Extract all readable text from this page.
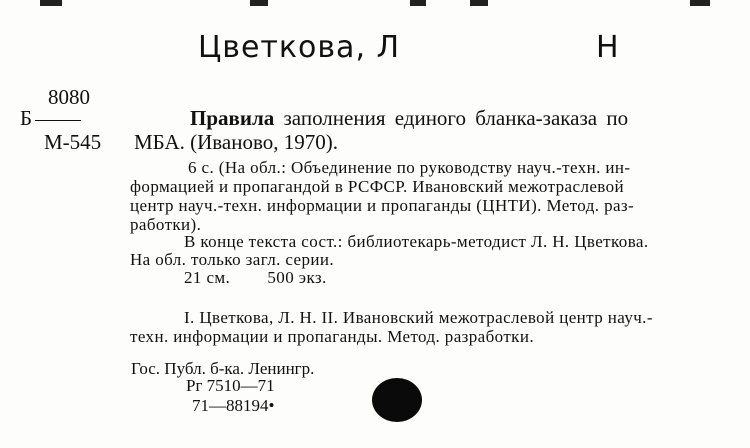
Цветкова, Л	Н
8080
Б
М-545
Правила заполнения единого бланка-заказа по
МБА. (Иваново, 1970).
6 с. (На обл.: Объединение по руководству науч.-техн. ин-
формацией и пропагандой в РСФСР. Ивановский межотраслевой
центр науч.-техн. информации и пропаганды (ЦНТИ). Метод. раз-
работки).
В конце текста сост.: библиотекарь-методист Л. Н. Цветкова.
На обл. только загл. серии.
21 см.        500 экз.
I. Цветкова, Л. Н. II. Ивановский межотраслевой центр науч.-
техн. информации и пропаганды. Метод. разработки.
Гос. Публ. б-ка. Ленингр.
Рг 7510—71
71—88194•
